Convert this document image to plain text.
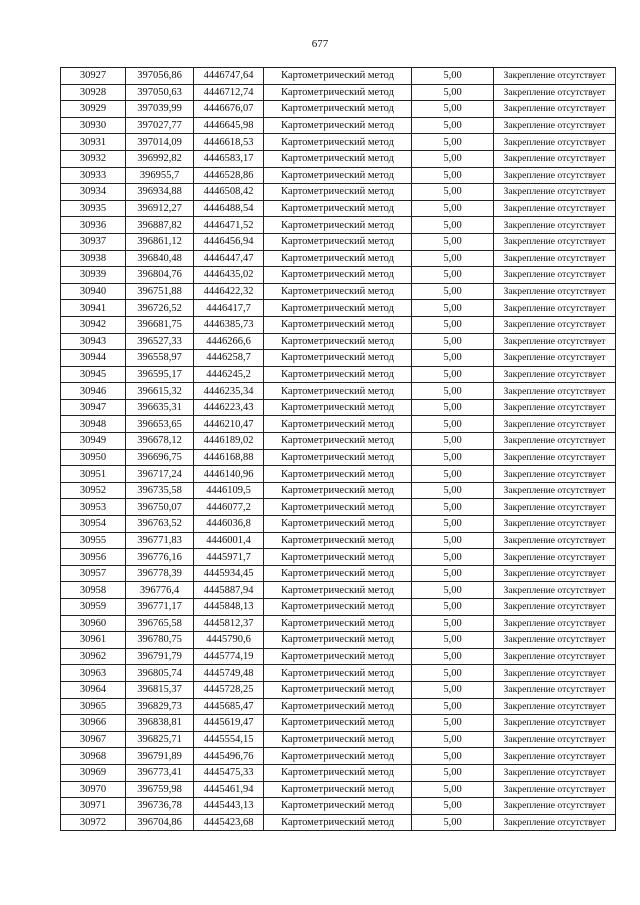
677
30927	397056,86	4446747,64	Картометрический метод	5,00	Закрепление отсутствует
30928	397050,63	4446712,74	Картометрический метод	5,00	Закрепление отсутствует
30929	397039,99	4446676,07	Картометрический метод	5,00	Закрепление отсутствует
30930	397027,77	4446645,98	Картометрический метод	5,00	Закрепление отсутствует
30931	397014,09	4446618,53	Картометрический метод	5,00	Закрепление отсутствует
30932	396992,82	4446583,17	Картометрический метод	5,00	Закрепление отсутствует
30933	396955,7	4446528,86	Картометрический метод	5,00	Закрепление отсутствует
30934	396934,88	4446508,42	Картометрический метод	5,00	Закрепление отсутствует
30935	396912,27	4446488,54	Картометрический метод	5,00	Закрепление отсутствует
30936	396887,82	4446471,52	Картометрический метод	5,00	Закрепление отсутствует
30937	396861,12	4446456,94	Картометрический метод	5,00	Закрепление отсутствует
30938	396840,48	4446447,47	Картометрический метод	5,00	Закрепление отсутствует
30939	396804,76	4446435,02	Картометрический метод	5,00	Закрепление отсутствует
30940	396751,88	4446422,32	Картометрический метод	5,00	Закрепление отсутствует
30941	396726,52	4446417,7	Картометрический метод	5,00	Закрепление отсутствует
30942	396681,75	4446385,73	Картометрический метод	5,00	Закрепление отсутствует
30943	396527,33	4446266,6	Картометрический метод	5,00	Закрепление отсутствует
30944	396558,97	4446258,7	Картометрический метод	5,00	Закрепление отсутствует
30945	396595,17	4446245,2	Картометрический метод	5,00	Закрепление отсутствует
30946	396615,32	4446235,34	Картометрический метод	5,00	Закрепление отсутствует
30947	396635,31	4446223,43	Картометрический метод	5,00	Закрепление отсутствует
30948	396653,65	4446210,47	Картометрический метод	5,00	Закрепление отсутствует
30949	396678,12	4446189,02	Картометрический метод	5,00	Закрепление отсутствует
30950	396696,75	4446168,88	Картометрический метод	5,00	Закрепление отсутствует
30951	396717,24	4446140,96	Картометрический метод	5,00	Закрепление отсутствует
30952	396735,58	4446109,5	Картометрический метод	5,00	Закрепление отсутствует
30953	396750,07	4446077,2	Картометрический метод	5,00	Закрепление отсутствует
30954	396763,52	4446036,8	Картометрический метод	5,00	Закрепление отсутствует
30955	396771,83	4446001,4	Картометрический метод	5,00	Закрепление отсутствует
30956	396776,16	4445971,7	Картометрический метод	5,00	Закрепление отсутствует
30957	396778,39	4445934,45	Картометрический метод	5,00	Закрепление отсутствует
30958	396776,4	4445887,94	Картометрический метод	5,00	Закрепление отсутствует
30959	396771,17	4445848,13	Картометрический метод	5,00	Закрепление отсутствует
30960	396765,58	4445812,37	Картометрический метод	5,00	Закрепление отсутствует
30961	396780,75	4445790,6	Картометрический метод	5,00	Закрепление отсутствует
30962	396791,79	4445774,19	Картометрический метод	5,00	Закрепление отсутствует
30963	396805,74	4445749,48	Картометрический метод	5,00	Закрепление отсутствует
30964	396815,37	4445728,25	Картометрический метод	5,00	Закрепление отсутствует
30965	396829,73	4445685,47	Картометрический метод	5,00	Закрепление отсутствует
30966	396838,81	4445619,47	Картометрический метод	5,00	Закрепление отсутствует
30967	396825,71	4445554,15	Картометрический метод	5,00	Закрепление отсутствует
30968	396791,89	4445496,76	Картометрический метод	5,00	Закрепление отсутствует
30969	396773,41	4445475,33	Картометрический метод	5,00	Закрепление отсутствует
30970	396759,98	4445461,94	Картометрический метод	5,00	Закрепление отсутствует
30971	396736,78	4445443,13	Картометрический метод	5,00	Закрепление отсутствует
30972	396704,86	4445423,68	Картометрический метод	5,00	Закрепление отсутствует
